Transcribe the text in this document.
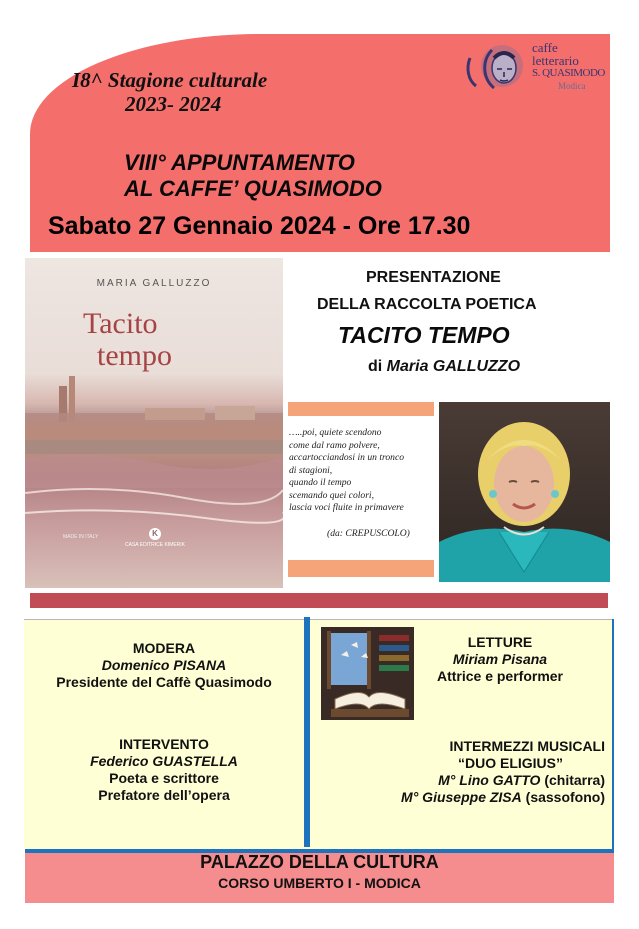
I8^ Stagione culturale
2023- 2024
VIII° APPUNTAMENTO
AL CAFFE’ QUASIMODO
Sabato 27 Gennaio 2024 - Ore 17.30
caffe
letterario
S. QUASIMODO
Modica
MARIA GALLUZZO
Tacito
tempo
MADE IN ITALY	K
CASA EDITRICE KIMERIK
PRESENTAZIONE
DELLA RACCOLTA POETICA
TACITO TEMPO
di Maria GALLUZZO
…..poi, quiete scendono
come dal ramo polvere,
accartocciandosi in un tronco
di stagioni,
quando il tempo
scemando quei colori,
lascia voci fluite in primavere
(da: CREPUSCOLO)
MODERA
Domenico PISANA
Presidente del Caffè Quasimodo
INTERVENTO
Federico GUASTELLA
Poeta e scrittore
Prefatore dell’opera
LETTURE
Miriam Pisana
Attrice e performer
INTERMEZZI MUSICALI
“DUO ELIGIUS”
M° Lino GATTO (chitarra)
M° Giuseppe ZISA (sassofono)
PALAZZO DELLA CULTURA
CORSO UMBERTO I - MODICA
